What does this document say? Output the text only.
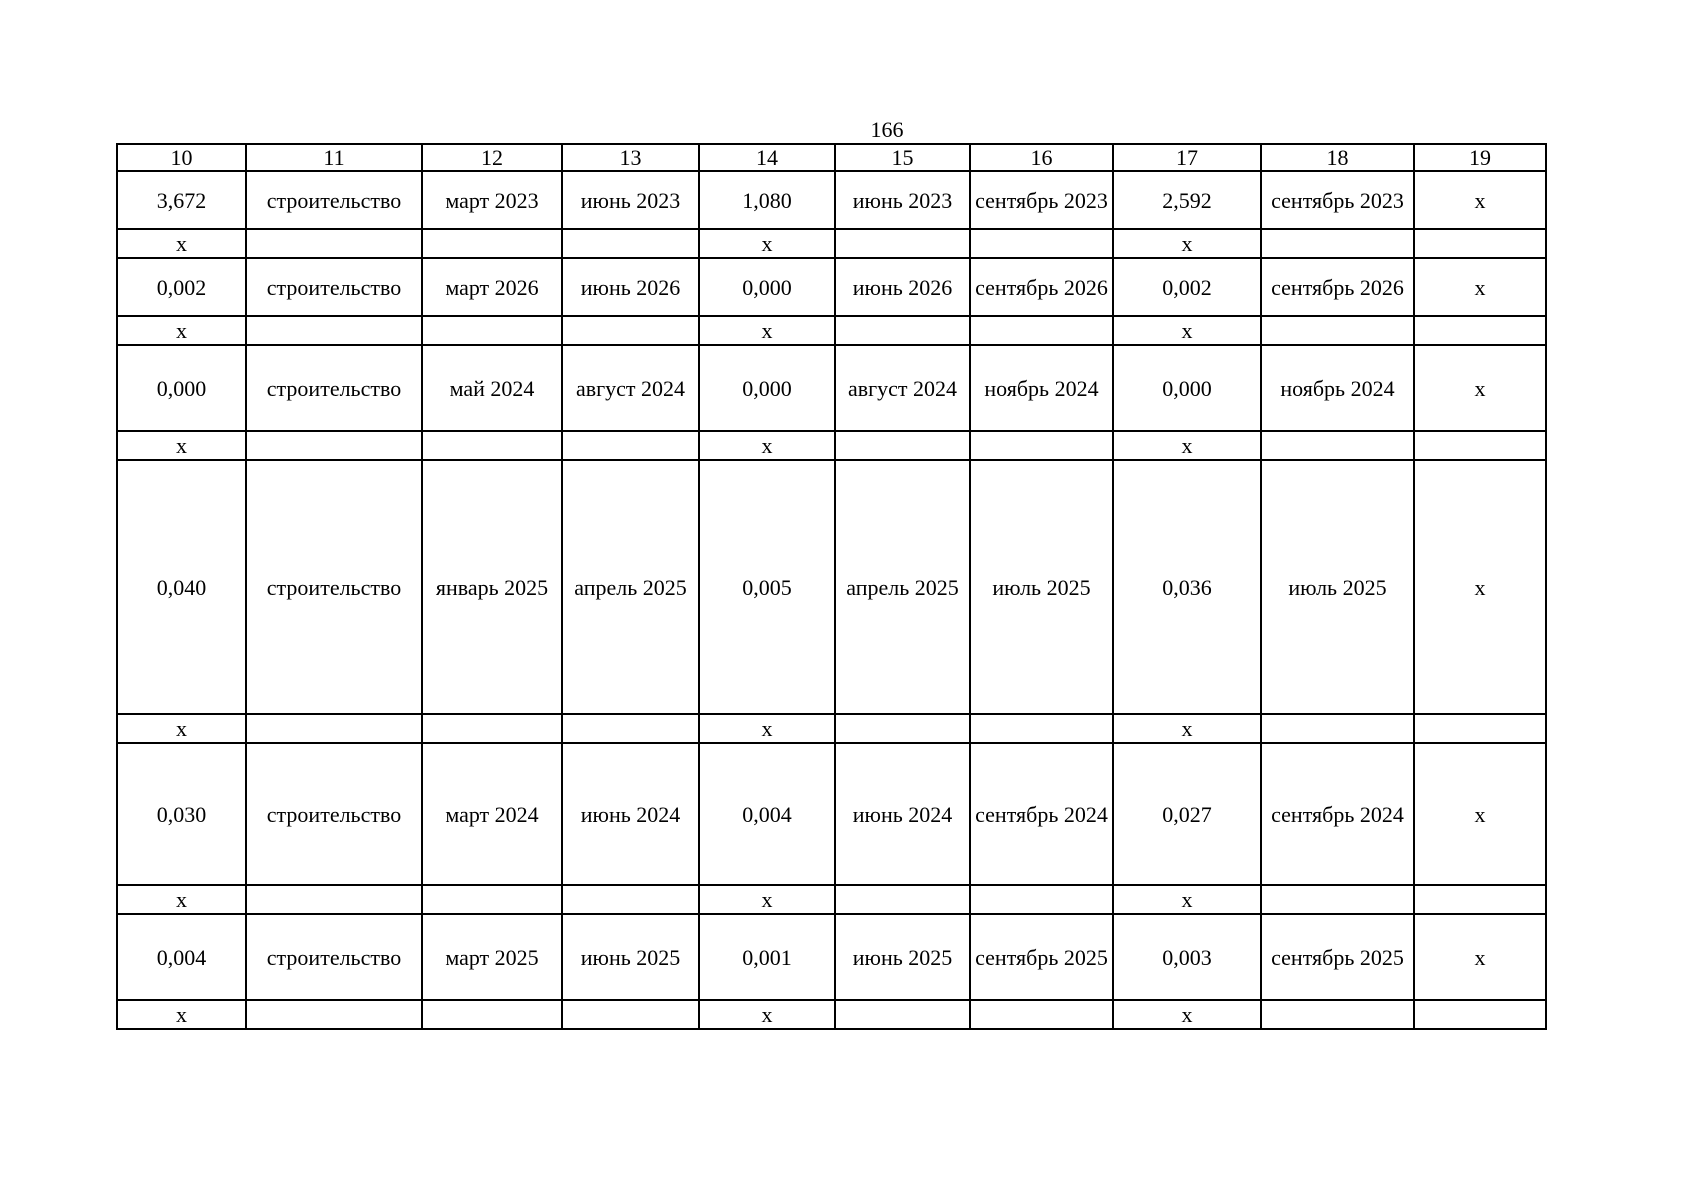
166
10	11	12	13	14	15	16	17	18	19
3,672	строительство	март 2023	июнь 2023	1,080	июнь 2023	сентябрь 2023	2,592	сентябрь 2023	x
x				x			x		
0,002	строительство	март 2026	июнь 2026	0,000	июнь 2026	сентябрь 2026	0,002	сентябрь 2026	x
x				x			x		
0,000	строительство	май 2024	август 2024	0,000	август 2024	ноябрь 2024	0,000	ноябрь 2024	x
x				x			x		
0,040	строительство	январь 2025	апрель 2025	0,005	апрель 2025	июль 2025	0,036	июль 2025	x
x				x			x		
0,030	строительство	март 2024	июнь 2024	0,004	июнь 2024	сентябрь 2024	0,027	сентябрь 2024	x
x				x			x		
0,004	строительство	март 2025	июнь 2025	0,001	июнь 2025	сентябрь 2025	0,003	сентябрь 2025	x
x				x			x		
